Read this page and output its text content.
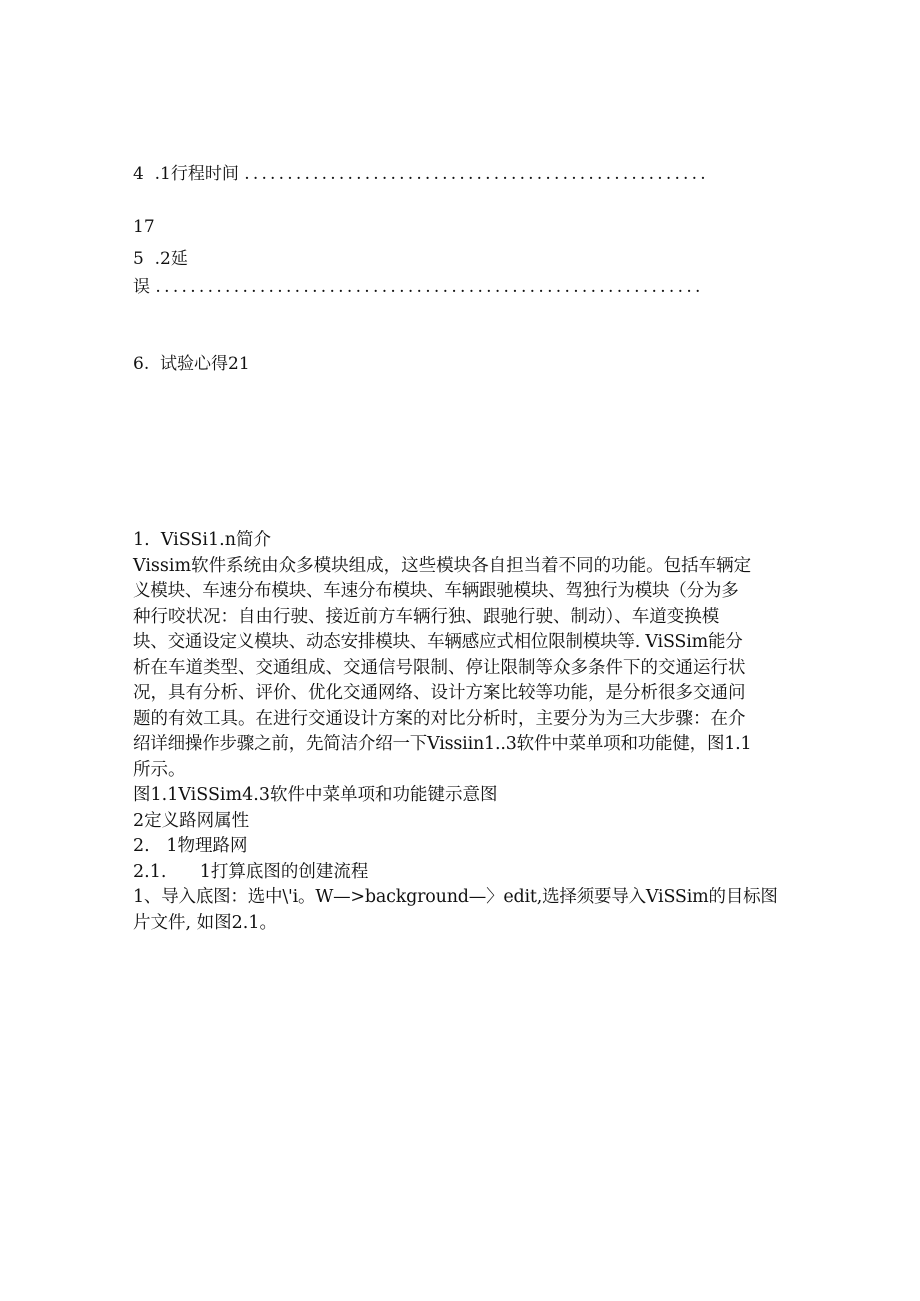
4  .1行程时间 ......................................................
17
5  .2延
误 ...............................................................
6.  试验心得21

1.  ViSSi1.n简介

Vissim软件系统由众多模块组成，这些模块各自担当着不同的功能。包括车辆定

义模块、车速分布模块、车速分布模块、车辆跟驰模块、驾独行为模块（分为多

种行咬状况：自由行驶、接近前方车辆行独、跟驰行驶、制动）、车道变换模

块、交通设定义模块、动态安排模块、车辆感应式相位限制模块等. ViSSim能分

析在车道类型、交通组成、交通信号限制、停让限制等众多条件下的交通运行状

况，具有分析、评价、优化交通网络、设计方案比较等功能，是分析很多交通问

题的有效工具。在进行交通设计方案的对比分析时，主要分为为三大步骤：在介

绍详细操作步骤之前，先简洁介绍一下Vissiin1..3软件中菜单项和功能健，图1.1

所示。

图1.1ViSSim4.3软件中菜单项和功能键示意图

2定义路网属性

2.   1物理路网

2.1.      1打算底图的创建流程

1、导入底图：选中\'i。W—>background—〉edit,选择须要导入ViSSim的目标图

片文件, 如图2.1。
